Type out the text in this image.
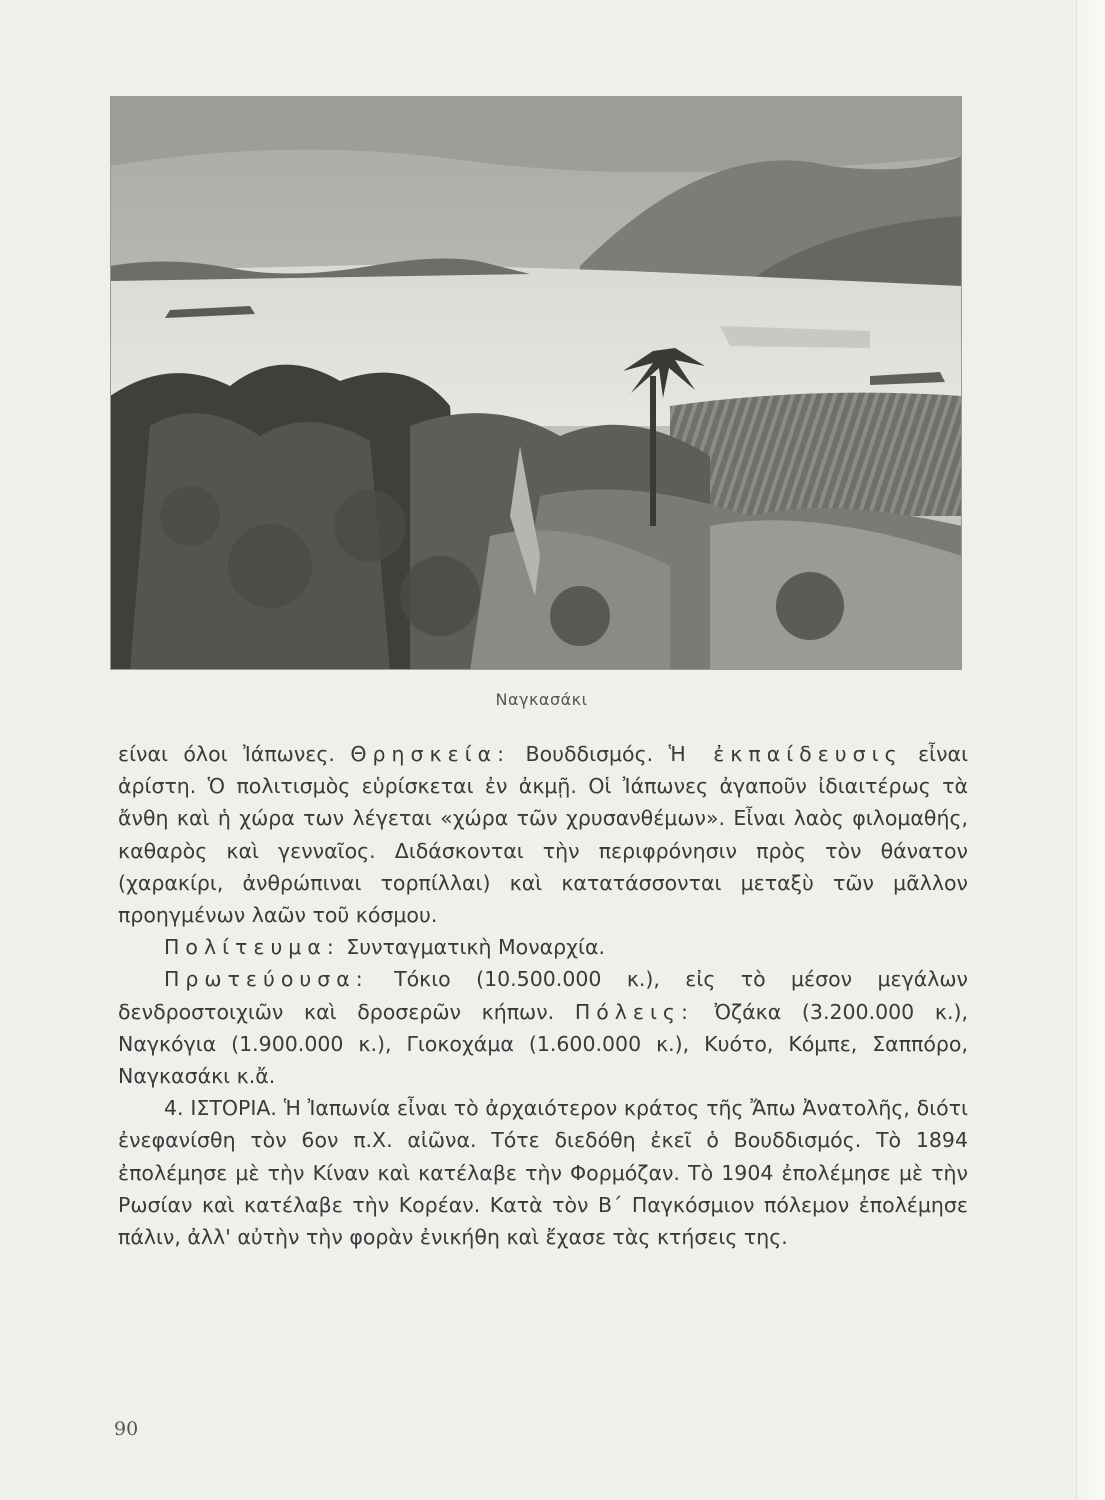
Ναγκασάκι

είναι όλοι Ἰάπωνες. Θρησκεία: Βουδδισμός. Ἡ ἐκπαίδευσις εἶναι ἀρίστη. Ὁ πολιτισμὸς εὑρίσκεται ἐν ἀκμῇ. Οἱ Ἰάπωνες ἀγαποῦν ἰδιαιτέρως τὰ ἄνθη καὶ ἡ χώρα των λέγεται «χώρα τῶν χρυσανθέμων». Εἶναι λαὸς φιλομαθής, καθαρὸς καὶ γενναῖος. Διδάσκονται τὴν περιφρόνησιν πρὸς τὸν θάνατον (χαρακίρι, ἀνθρώπιναι τορπίλλαι) καὶ κατατάσσονται μεταξὺ τῶν μᾶλλον προηγμένων λαῶν τοῦ κόσμου.

Πολίτευμα: Συνταγματικὴ Μοναρχία.

Πρωτεύουσα: Τόκιο (10.500.000 κ.), εἰς τὸ μέσον μεγάλων δενδροστοιχιῶν καὶ δροσερῶν κήπων. Πόλεις: Ὀζάκα (3.200.000 κ.), Ναγκόγια (1.900.000 κ.), Γιοκοχάμα (1.600.000 κ.), Κυότο, Κόμπε, Σαππόρο, Ναγκασάκι κ.ἄ.

4. ΙΣΤΟΡΙΑ. Ἡ Ἰαπωνία εἶναι τὸ ἀρχαιότερον κράτος τῆς Ἄπω Ἀνατολῆς, διότι ἐνεφανίσθη τὸν 6ον π.Χ. αἰῶνα. Τότε διεδόθη ἐκεῖ ὁ Βουδδισμός. Τὸ 1894 ἐπολέμησε μὲ τὴν Κίναν καὶ κατέλαβε τὴν Φορμόζαν. Τὸ 1904 ἐπολέμησε μὲ τὴν Ρωσίαν καὶ κατέλαβε τὴν Κορέαν. Κατὰ τὸν Β΄ Παγκόσμιον πόλεμον ἐπολέμησε πάλιν, ἀλλ' αὐτὴν τὴν φορὰν ἐνικήθη καὶ ἔχασε τὰς κτήσεις της.

90
